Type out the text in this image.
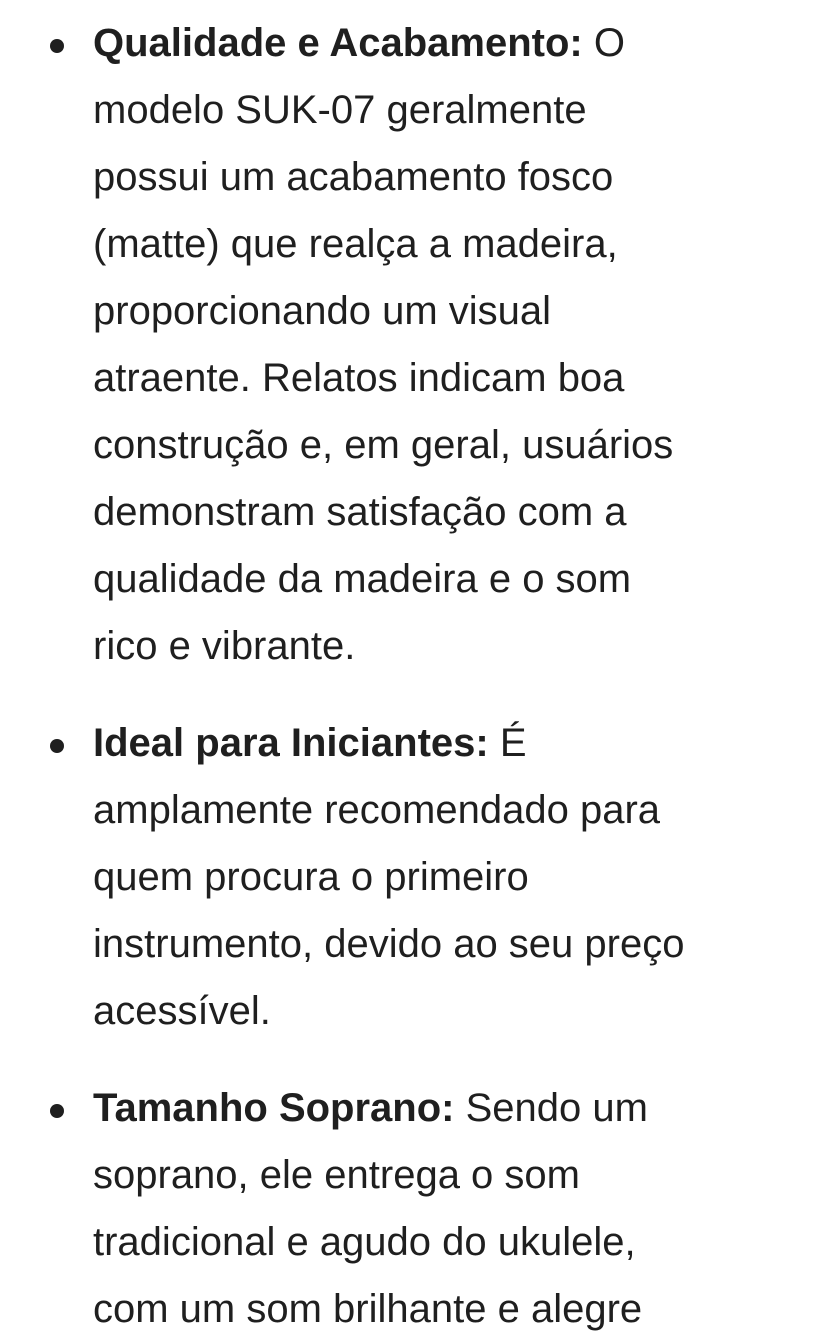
Qualidade e Acabamento: O
modelo SUK-07 geralmente
possui um acabamento fosco
(matte) que realça a madeira,
proporcionando um visual
atraente. Relatos indicam boa
construção e, em geral, usuários
demonstram satisfação com a
qualidade da madeira e o som
rico e vibrante.
Ideal para Iniciantes: É
amplamente recomendado para
quem procura o primeiro
instrumento, devido ao seu preço
acessível.
Tamanho Soprano: Sendo um
soprano, ele entrega o som
tradicional e agudo do ukulele,
com um som brilhante e alegre
